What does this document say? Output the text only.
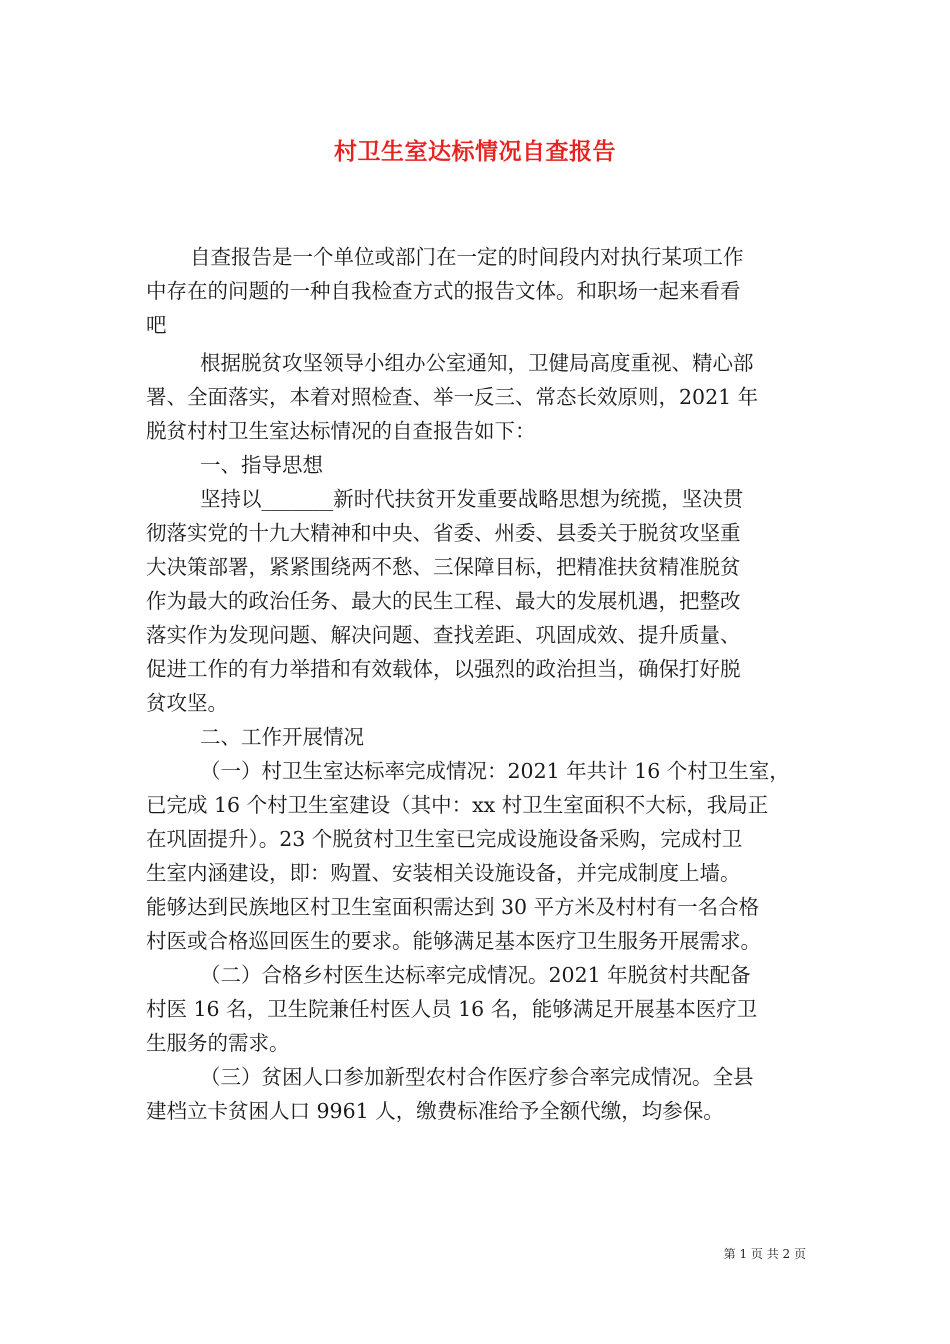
村卫生室达标情况自查报告
自查报告是一个单位或部门在一定的时间段内对执行某项工作
中存在的问题的一种自我检查方式的报告文体。和职场一起来看看
吧
根据脱贫攻坚领导小组办公室通知，卫健局高度重视、精心部
署、全面落实，本着对照检查、举一反三、常态长效原则，2021 年
脱贫村村卫生室达标情况的自查报告如下：
一、指导思想
坚持以_______新时代扶贫开发重要战略思想为统揽，坚决贯
彻落实党的十九大精神和中央、省委、州委、县委关于脱贫攻坚重
大决策部署，紧紧围绕两不愁、三保障目标，把精准扶贫精准脱贫
作为最大的政治任务、最大的民生工程、最大的发展机遇，把整改
落实作为发现问题、解决问题、查找差距、巩固成效、提升质量、
促进工作的有力举措和有效载体，以强烈的政治担当，确保打好脱
贫攻坚。
二、工作开展情况
（一）村卫生室达标率完成情况：2021 年共计 16 个村卫生室，
已完成 16 个村卫生室建设（其中：xx 村卫生室面积不大标，我局正
在巩固提升）。23 个脱贫村卫生室已完成设施设备采购，完成村卫
生室内涵建设，即：购置、安装相关设施设备，并完成制度上墙。
能够达到民族地区村卫生室面积需达到 30 平方米及村村有一名合格
村医或合格巡回医生的要求。能够满足基本医疗卫生服务开展需求。
（二）合格乡村医生达标率完成情况。2021 年脱贫村共配备
村医 16 名，卫生院兼任村医人员 16 名，能够满足开展基本医疗卫
生服务的需求。
（三）贫困人口参加新型农村合作医疗参合率完成情况。全县
建档立卡贫困人口 9961 人，缴费标准给予全额代缴，均参保。
第 1 页 共 2 页
